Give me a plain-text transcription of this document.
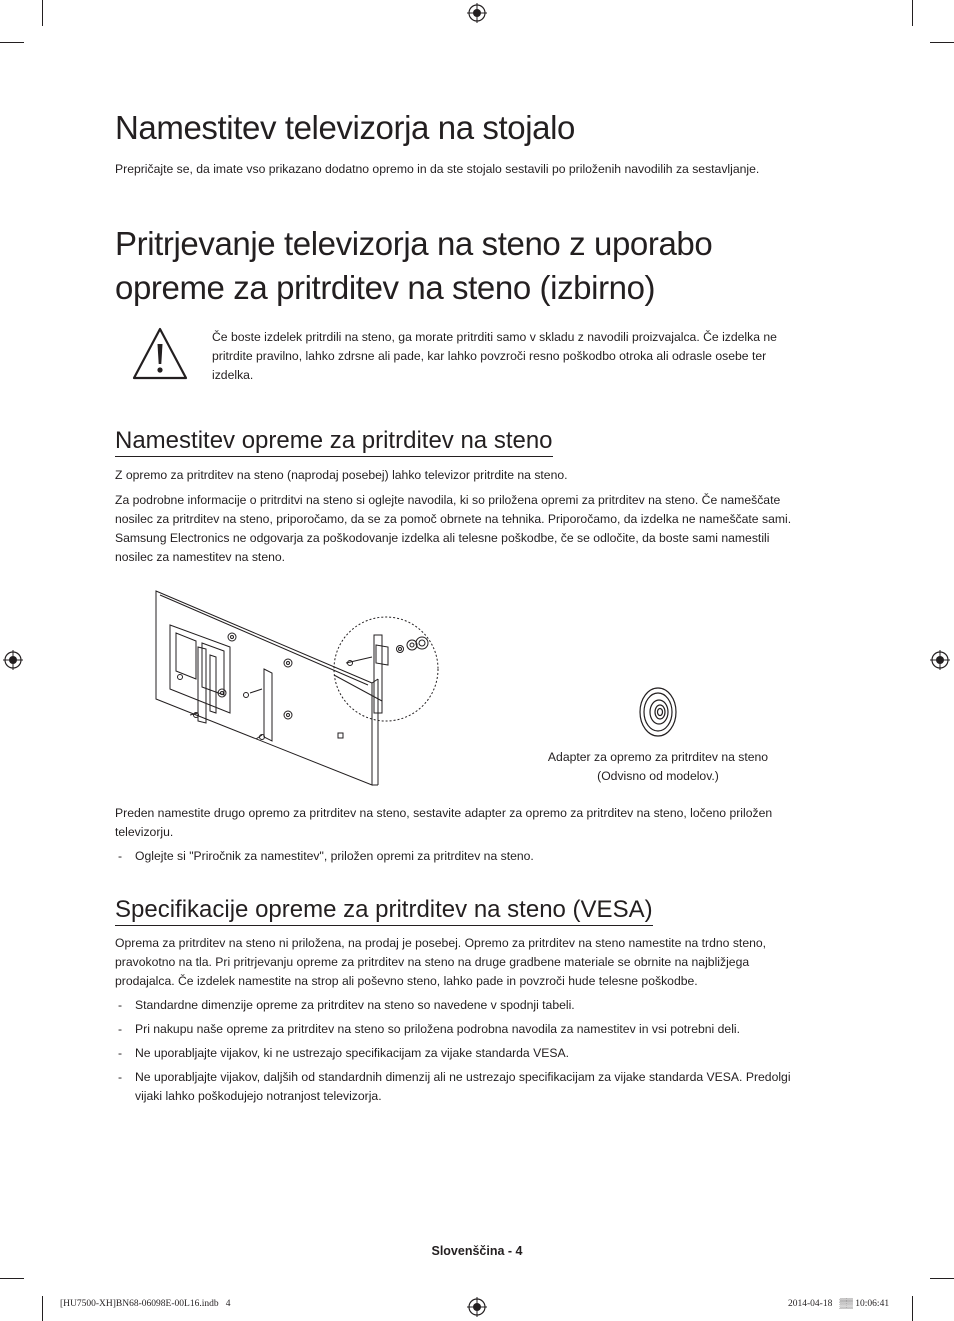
Namestitev televizorja na stojalo

Prepričajte se, da imate vso prikazano dodatno opremo in da ste stojalo sestavili po priloženih navodilih za sestavljanje.

Pritrjevanje televizorja na steno z uporabo
opreme za pritrditev na steno (izbirno)
Če boste izdelek pritrdili na steno, ga morate pritrditi samo v skladu z navodili proizvajalca. Če izdelka ne
pritrdite pravilno, lahko zdrsne ali pade, kar lahko povzroči resno poškodbo otroka ali odrasle osebe ter
izdelka.
Namestitev opreme za pritrditev na steno

Z opremo za pritrditev na steno (naprodaj posebej) lahko televizor pritrdite na steno.

Za podrobne informacije o pritrditvi na steno si oglejte navodila, ki so priložena opremi za pritrditev na steno. Če nameščate
nosilec za pritrditev na steno, priporočamo, da se za pomoč obrnete na tehnika. Priporočamo, da izdelka ne nameščate sami.
Samsung Electronics ne odgovarja za poškodovanje izdelka ali telesne poškodbe, če se odločite, da boste sami namestili
nosilec za namestitev na steno.
Adapter za opremo za pritrditev na steno
(Odvisno od modelov.)
Preden namestite drugo opremo za pritrditev na steno, sestavite adapter za opremo za pritrditev na steno, ločeno priložen
televizorju.
- Oglejte si "Priročnik za namestitev", priložen opremi za pritrditev na steno.
Specifikacije opreme za pritrditev na steno (VESA)
Oprema za pritrditev na steno ni priložena, na prodaj je posebej. Opremo za pritrditev na steno namestite na trdno steno,
pravokotno na tla. Pri pritrjevanju opreme za pritrditev na steno na druge gradbene materiale se obrnite na najbližjega
prodajalca. Če izdelek namestite na strop ali poševno steno, lahko pade in povzroči hude telesne poškodbe.
- Standardne dimenzije opreme za pritrditev na steno so navedene v spodnji tabeli.
- Pri nakupu naše opreme za pritrditev na steno so priložena podrobna navodila za namestitev in vsi potrebni deli.
- Ne uporabljajte vijakov, ki ne ustrezajo specifikacijam za vijake standarda VESA.
- Ne uporabljajte vijakov, daljših od standardnih dimenzij ali ne ustrezajo specifikacijam za vijake standarda VESA. Predolgi
vijaki lahko poškodujejo notranjost televizorja.
Slovenščina - 4
[HU7500-XH]BN68-06098E-00L16.indb   4	2014-04-18   ▒▒ 10:06:41
